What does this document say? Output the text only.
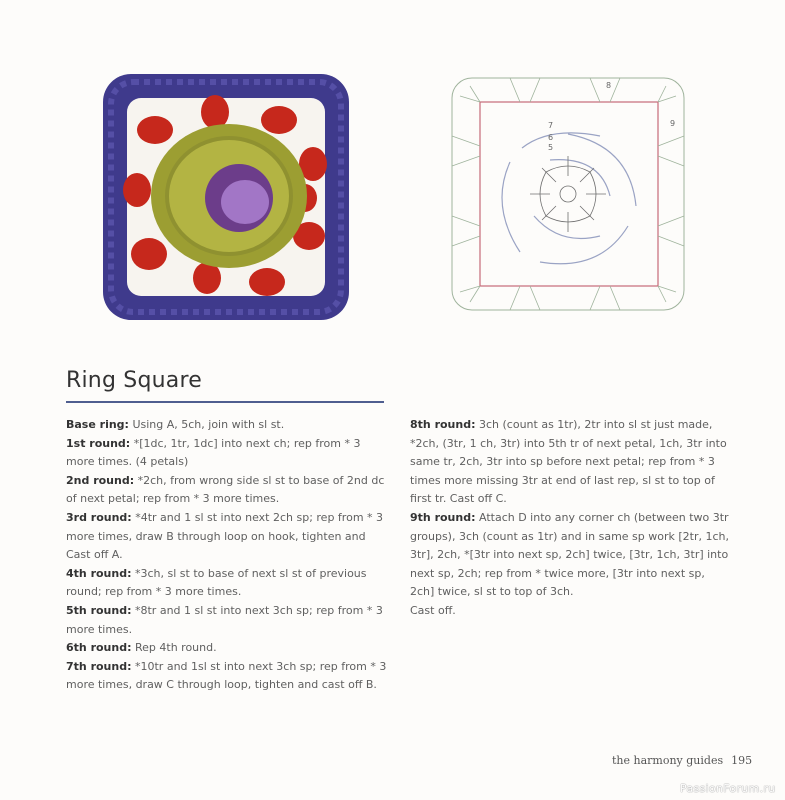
8
9
7
6
5
Ring Square

Base ring: Using A, 5ch, join with sl st.

1st round: *[1dc, 1tr, 1dc] into next ch; rep from * 3 more times. (4 petals)

2nd round: *2ch, from wrong side sl st to base of 2nd dc of next petal; rep from * 3 more times.

3rd round: *4tr and 1 sl st into next 2ch sp; rep from * 3 more times, draw B through loop on hook, tighten and Cast off A.

4th round: *3ch, sl st to base of next sl st of previous round; rep from * 3 more times.

5th round: *8tr and 1 sl st into next 3ch sp; rep from * 3 more times.

6th round: Rep 4th round.

7th round: *10tr and 1sl st into next 3ch sp; rep from * 3 more times, draw C through loop, tighten and cast off B.

8th round: 3ch (count as 1tr), 2tr into sl st just made, *2ch, (3tr, 1 ch, 3tr) into 5th tr of next petal, 1ch, 3tr into same tr, 2ch, 3tr into sp before next petal; rep from * 3 times more missing 3tr at end of last rep, sl st to top of first tr. Cast off C.

9th round: Attach D into any corner ch (between two 3tr groups), 3ch (count as 1tr) and in same sp work [2tr, 1ch, 3tr], 2ch, *[3tr into next sp, 2ch] twice, [3tr, 1ch, 3tr] into next sp, 2ch; rep from * twice more, [3tr into next sp, 2ch] twice, sl st to top of 3ch.

Cast off.

the harmony guides 195
PassionForum.ru
